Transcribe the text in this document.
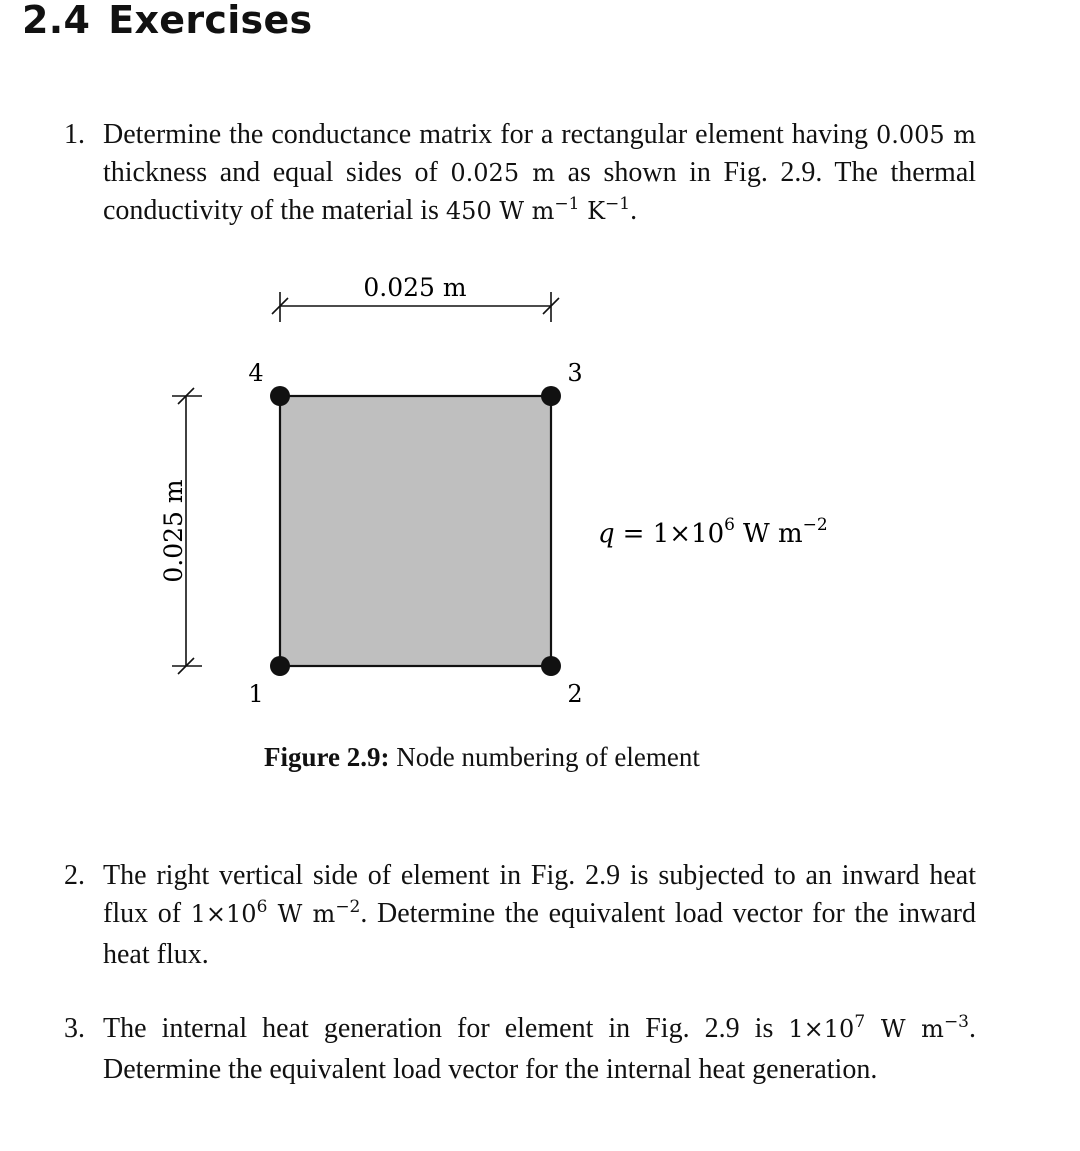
2.4 Exercises
1. Determine the conductance matrix for a rectangular element having 0.005 m thickness and equal sides of 0.025 m as shown in Fig. 2.9. The thermal conductivity of the material is 450 W $m^{-1}$ $K^{-1}$.
0.025 m
0.025 m
1	2
3
4
$q = 1\times 10^6$ W $m^{-2}$
Figure 2.9: Node numbering of element
2. The right vertical side of element in Fig. 2.9 is subjected to an inward heat flux of $1\times 10^6$ W $m^{-2}$. Determine the equivalent load vector for the inward heat flux.
3. The internal heat generation for element in Fig. 2.9 is $1\times 10^7$ W $m^{-3}$. Determine the equivalent load vector for the internal heat generation.
